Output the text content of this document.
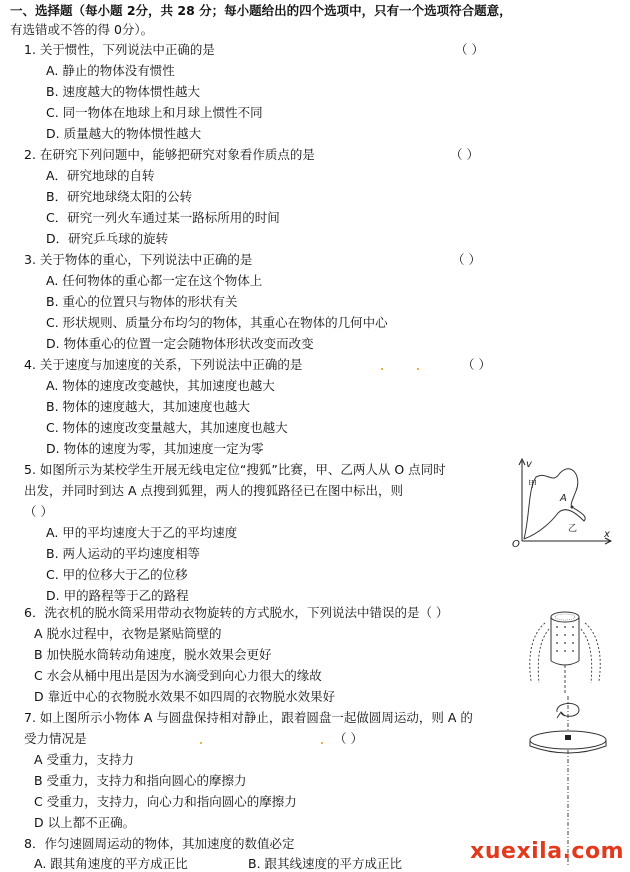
一、选择题（每小题 2分，共 28 分；每小题给出的四个选项中，只有一个选项符合题意，
有选错或不答的得 0分）。
1. 关于惯性，下列说法中正确的是	（ ）
A. 静止的物体没有惯性
B. 速度越大的物体惯性越大
C. 同一物体在地球上和月球上惯性不同
D. 质量越大的物体惯性越大
2. 在研究下列问题中，能够把研究对象看作质点的是	（ ）
A．研究地球的自转
B．研究地球绕太阳的公转
C．研究一列火车通过某一路标所用的时间
D．研究乒乓球的旋转
3. 关于物体的重心，下列说法中正确的是	（ ）
A. 任何物体的重心都一定在这个物体上
B. 重心的位置只与物体的形状有关
C. 形状规则、质量分布均匀的物体，其重心在物体的几何中心
D. 物体重心的位置一定会随物体形状改变而改变
4. 关于速度与加速度的关系，下列说法中正确的是	（ ）
A. 物体的速度改变越快，其加速度也越大
B. 物体的速度越大，其加速度也越大
C. 物体的速度改变量越大，其加速度也越大
D. 物体的速度为零，其加速度一定为零
5. 如图所示为某校学生开展无线电定位“搜狐”比赛，甲、乙两人从 O 点同时
出发，并同时到达 A 点搜到狐狸，两人的搜狐路径已在图中标出，则
（ ）
A. 甲的平均速度大于乙的平均速度
B. 两人运动的平均速度相等
C. 甲的位移大于乙的位移
D. 甲的路程等于乙的路程
v
A
甲
乙
O
x
6．洗衣机的脱水筒采用带动衣物旋转的方式脱水，下列说法中错误的是（ ）
A 脱水过程中，衣物是紧贴筒壁的
B 加快脱水筒转动角速度，脱水效果会更好
C 水会从桶中甩出是因为水滴受到向心力很大的缘故
D 靠近中心的衣物脱水效果不如四周的衣物脱水效果好
7. 如上图所示小物体 A 与圆盘保持相对静止，跟着圆盘一起做圆周运动，则 A 的
受力情况是	（ ）
A 受重力，支持力
B 受重力，支持力和指向圆心的摩擦力
C 受重力，支持力，向心力和指向圆心的摩擦力
D 以上都不正确。
8．作匀速圆周运动的物体，其加速度的数值必定
A. 跟其角速度的平方成正比	B. 跟其线速度的平方成正比	xuexila.com
